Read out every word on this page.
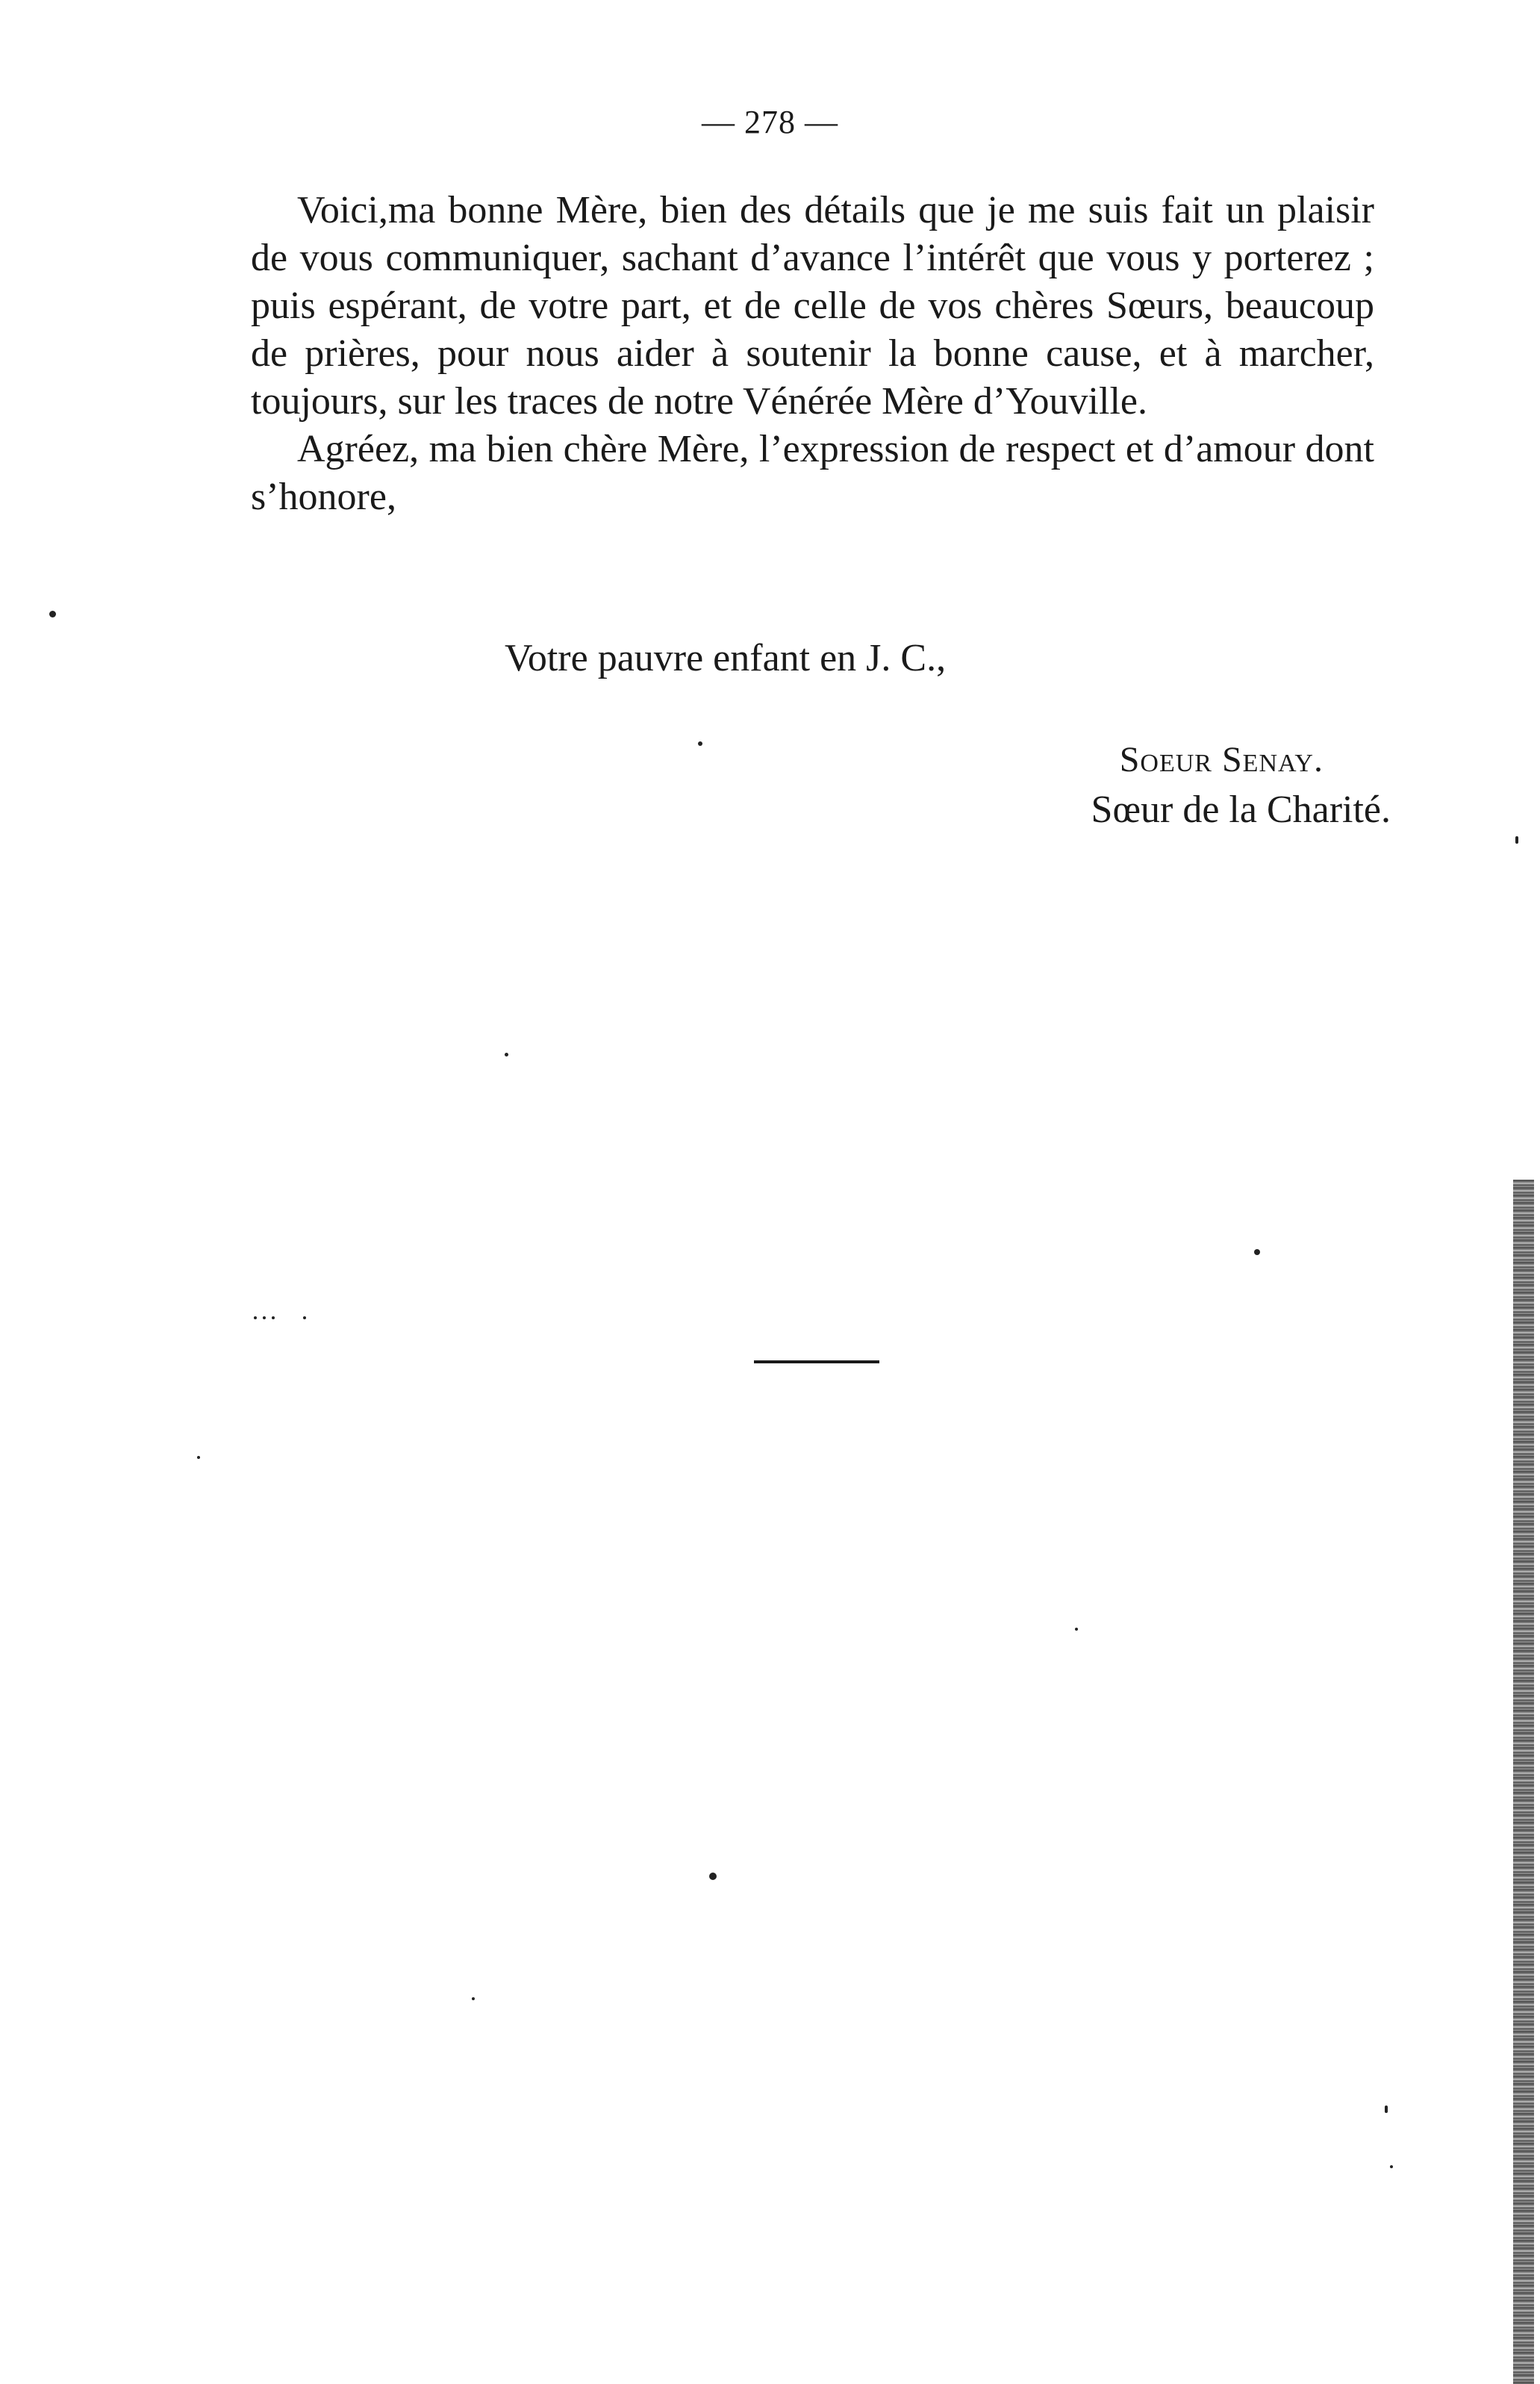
— 278 —

Voici,ma bonne Mère, bien des détails que je me suis fait un plaisir de vous communiquer, sachant d’avance l’intérêt que vous y porterez ; puis espérant, de votre part, et de celle de vos chères Sœurs, beaucoup de prières, pour nous aider à soutenir la bonne cause, et à marcher, toujours, sur les traces de notre Vénérée Mère d’Youville.

Agréez, ma bien chère Mère, l’expression de respect et d’amour dont s’honore,

Votre pauvre enfant en J. C.,
Soeur Senay.
Sœur de la Charité.
